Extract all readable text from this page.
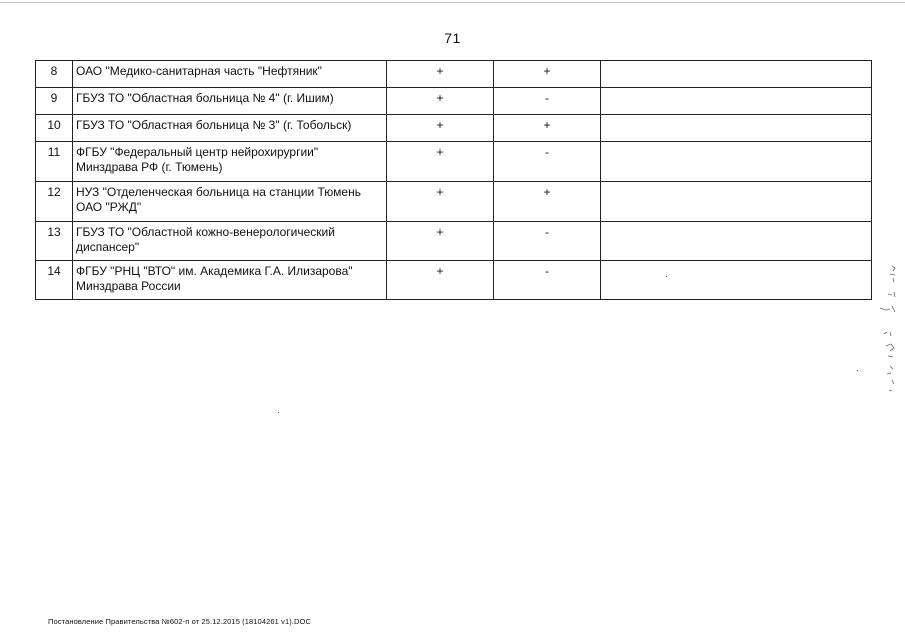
71
8	ОАО "Медико-санитарная часть "Нефтяник"	+	+	
9	ГБУЗ ТО "Областная больница № 4" (г. Ишим)	+	-	
10	ГБУЗ ТО "Областная больница № 3" (г. Тобольск)	+	+	
11	ФГБУ "Федеральный центр нейрохирургии" Минздрава РФ (г. Тюмень)	+	-	
12	НУЗ "Отделенческая больница на станции Тюмень ОАО "РЖД"	+	+	
13	ГБУЗ ТО "Областной кожно-венерологический диспансер"	+	-	
14	ФГБУ "РНЦ "ВТО" им. Академика Г.А. Илизарова" Минздрава России	+	-	
Постановление Правительства №602-п от 25.12.2015 (18104261 v1).DOC
